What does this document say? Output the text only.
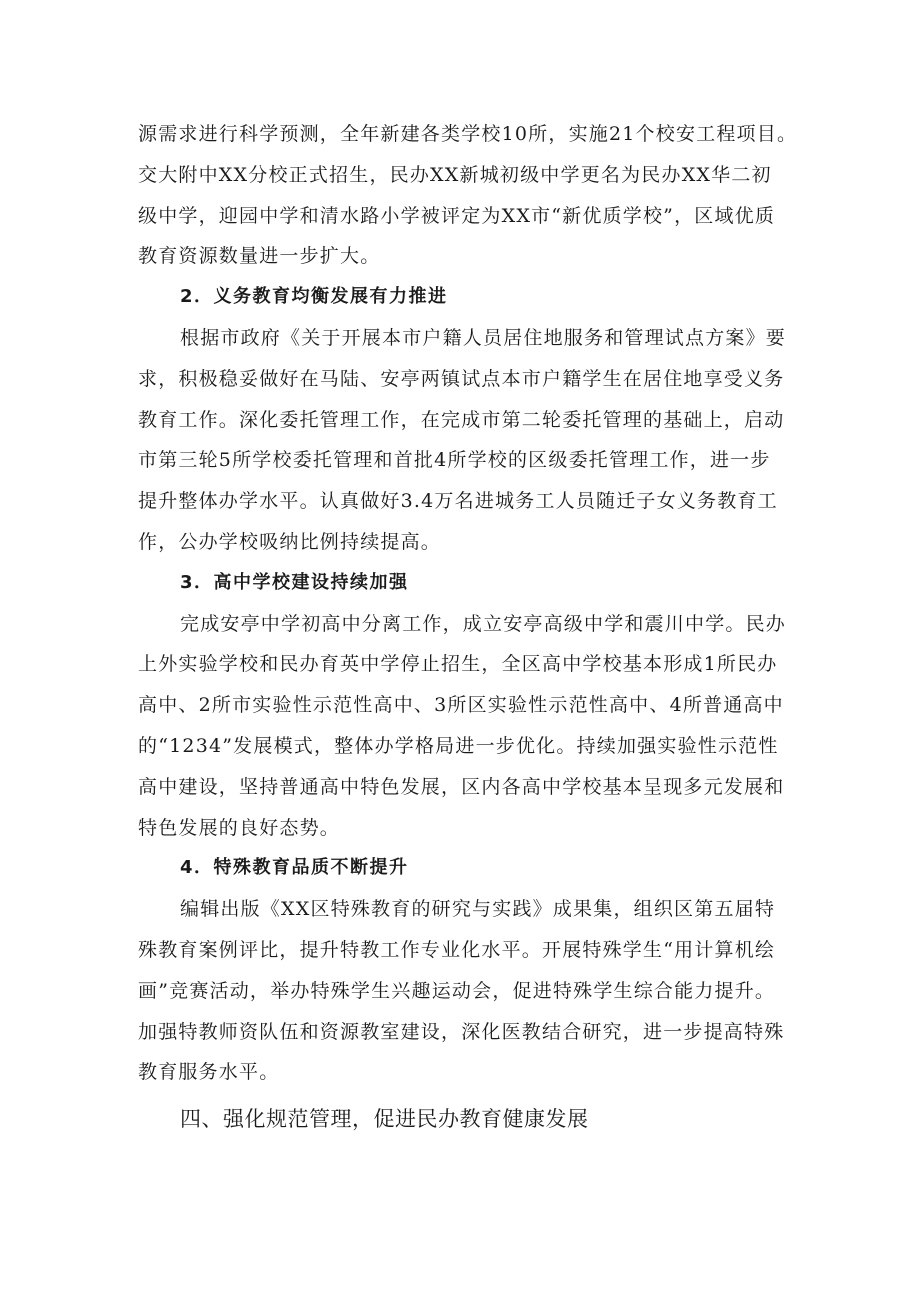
源需求进行科学预测，全年新建各类学校10所，实施21个校安工程项目。
交大附中XX分校正式招生，民办XX新城初级中学更名为民办XX华二初
级中学，迎园中学和清水路小学被评定为XX市“新优质学校”，区域优质
教育资源数量进一步扩大。
2．义务教育均衡发展有力推进
根据市政府《关于开展本市户籍人员居住地服务和管理试点方案》要
求，积极稳妥做好在马陆、安亭两镇试点本市户籍学生在居住地享受义务
教育工作。深化委托管理工作，在完成市第二轮委托管理的基础上，启动
市第三轮5所学校委托管理和首批4所学校的区级委托管理工作，进一步
提升整体办学水平。认真做好3.4万名进城务工人员随迁子女义务教育工
作，公办学校吸纳比例持续提高。
3．高中学校建设持续加强
完成安亭中学初高中分离工作，成立安亭高级中学和震川中学。民办
上外实验学校和民办育英中学停止招生，全区高中学校基本形成1所民办
高中、2所市实验性示范性高中、3所区实验性示范性高中、4所普通高中
的“1234”发展模式，整体办学格局进一步优化。持续加强实验性示范性
高中建设，坚持普通高中特色发展，区内各高中学校基本呈现多元发展和
特色发展的良好态势。
4．特殊教育品质不断提升
编辑出版《XX区特殊教育的研究与实践》成果集，组织区第五届特
殊教育案例评比，提升特教工作专业化水平。开展特殊学生“用计算机绘
画”竞赛活动，举办特殊学生兴趣运动会，促进特殊学生综合能力提升。
加强特教师资队伍和资源教室建设，深化医教结合研究，进一步提高特殊
教育服务水平。
四、强化规范管理，促进民办教育健康发展
